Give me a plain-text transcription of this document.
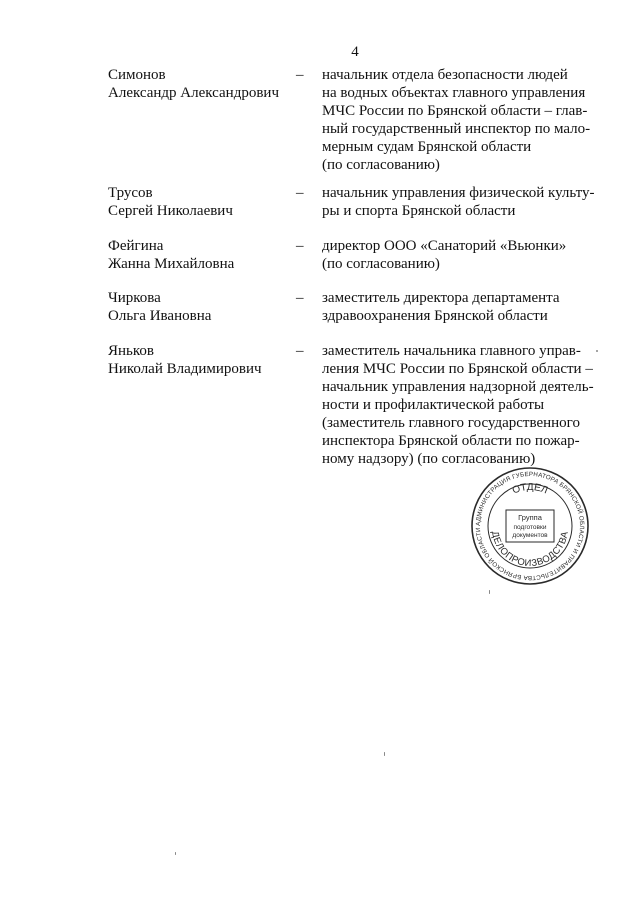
4
Симонов
Александр Александрович
– начальник отдела безопасности людей
на водных объектах главного управления
МЧС России по Брянской области – глав-
ный государственный инспектор по мало-
мерным судам Брянской области
(по согласованию)
Трусов
Сергей Николаевич
– начальник управления физической культу-
ры и спорта Брянской области
Фейгина
Жанна Михайловна
– директор ООО «Санаторий «Вьюнки»
(по согласованию)
Чиркова
Ольга Ивановна
– заместитель директора департамента
здравоохранения Брянской области
Яньков
Николай Владимирович
– заместитель начальника главного управ-
ления МЧС России по Брянской области –
начальник управления надзорной деятель-
ности и профилактической работы
(заместитель главного государственного
инспектора Брянской области по пожар-
ному надзору) (по согласованию)
АДМИНИСТРАЦИЯ ГУБЕРНАТОРА БРЯНСКОЙ ОБЛАСТИ И ПРАВИТЕЛЬСТВА БРЯНСКОЙ ОБЛАСТИ
ОТДЕЛ
ДЕЛОПРОИЗВОДСТВА
Группа
подготовки
документов
